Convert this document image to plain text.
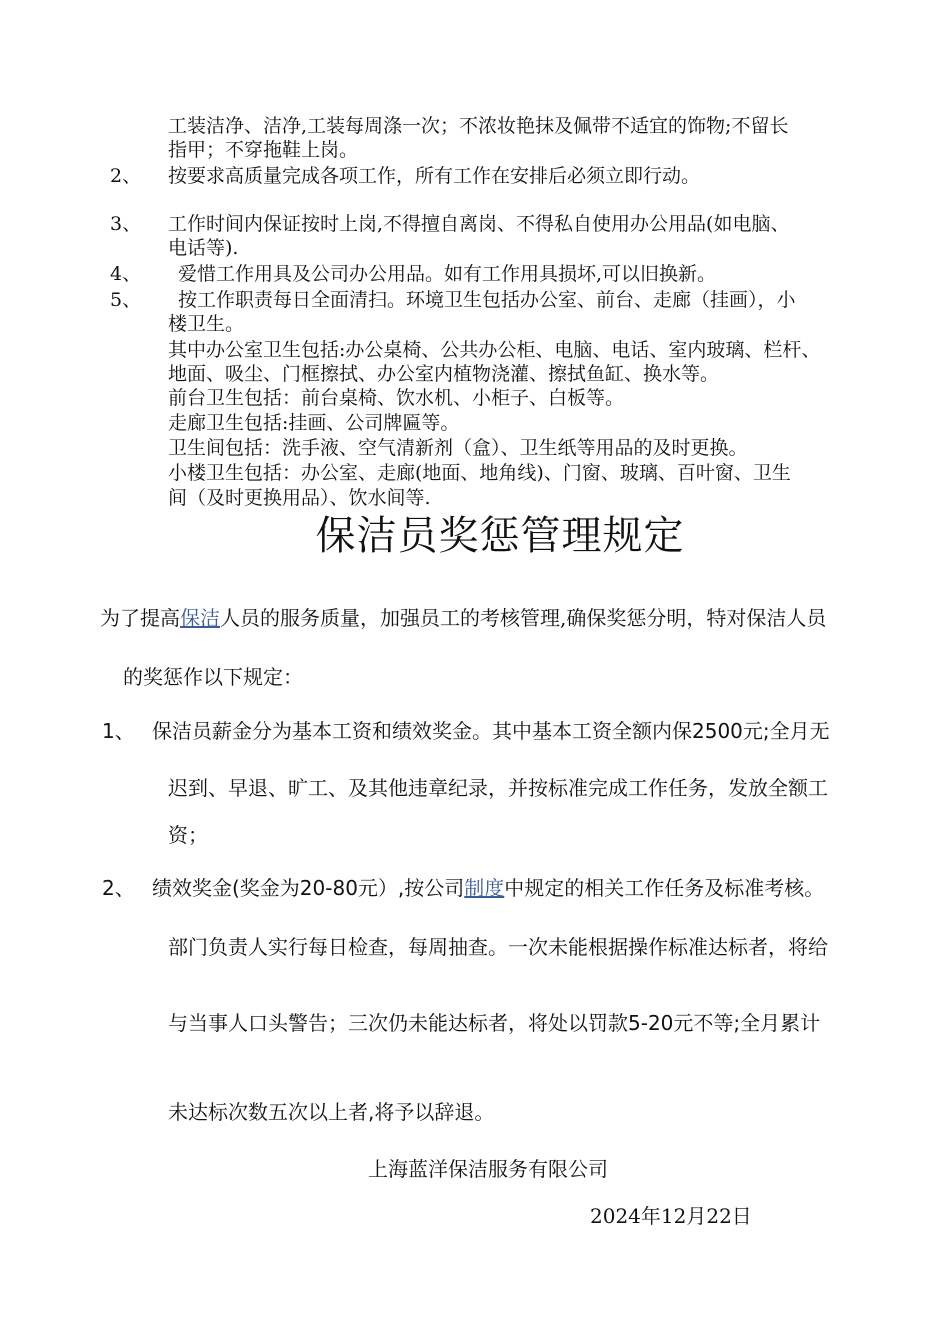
工装洁净、洁净,工装每周涤一次；不浓妆艳抹及佩带不适宜的饰物;不留长
指甲；不穿拖鞋上岗。
2、 按要求高质量完成各项工作，所有工作在安排后必须立即行动。
3、 工作时间内保证按时上岗,不得擅自离岗、不得私自使用办公用品(如电脑、
电话等).
4、 爱惜工作用具及公司办公用品。如有工作用具损坏,可以旧换新。
5、 按工作职责每日全面清扫。环境卫生包括办公室、前台、走廊（挂画），小
楼卫生。
其中办公室卫生包括:办公桌椅、公共办公柜、电脑、电话、室内玻璃、栏杆、
地面、吸尘、门框擦拭、办公室内植物浇灌、擦拭鱼缸、换水等。
前台卫生包括：前台桌椅、饮水机、小柜子、白板等。
走廊卫生包括:挂画、公司牌匾等。
卫生间包括：洗手液、空气清新剂（盒）、卫生纸等用品的及时更换。
小楼卫生包括：办公室、走廊(地面、地角线)、门窗、玻璃、百叶窗、卫生
间（及时更换用品）、饮水间等.
保洁员奖惩管理规定
为了提高保洁人员的服务质量，加强员工的考核管理,确保奖惩分明，特对保洁人员
的奖惩作以下规定：
1、 保洁员薪金分为基本工资和绩效奖金。其中基本工资全额内保2500元;全月无
迟到、早退、旷工、及其他违章纪录，并按标准完成工作任务，发放全额工
资；
2、 绩效奖金(奖金为20-80元）,按公司制度中规定的相关工作任务及标准考核。
部门负责人实行每日检查，每周抽查。一次未能根据操作标准达标者，将给
与当事人口头警告；三次仍未能达标者，将处以罚款5-20元不等;全月累计
未达标次数五次以上者,将予以辞退。
上海蓝洋保洁服务有限公司
2024年12月22日
